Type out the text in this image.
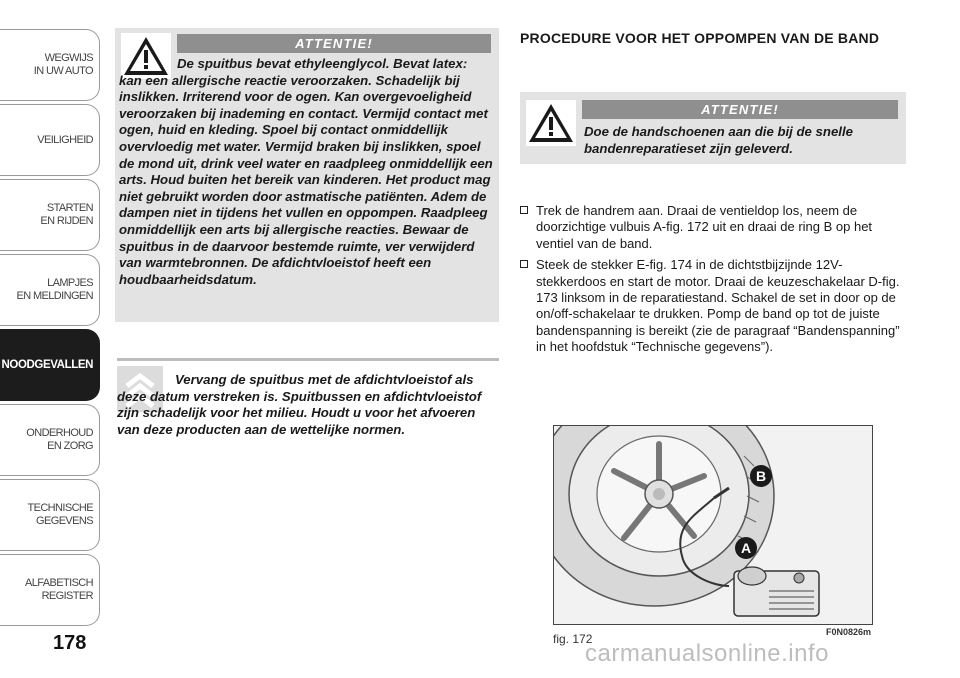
WEGWIJS
IN UW AUTO
VEILIGHEID
STARTEN
EN RIJDEN
LAMPJES
EN MELDINGEN
NOODGEVALLEN
ONDERHOUD
EN ZORG
TECHNISCHE
GEGEVENS
ALFABETISCH
REGISTER
178
ATTENTIE!

De spuitbus bevat ethyleenglycol. Bevat latex: kan een allergische reactie veroorzaken. Schadelijk bij inslikken. Irriterend voor de ogen. Kan overgevoeligheid veroorzaken bij inademing en contact. Vermijd contact met ogen, huid en kleding. Spoel bij contact onmiddellijk overvloedig met water. Vermijd braken bij inslikken, spoel de mond uit, drink veel water en raadpleeg onmiddellijk een arts. Houd buiten het bereik van kinderen. Het product mag niet gebruikt worden door astmatische patiënten. Adem de dampen niet in tijdens het vullen en oppompen. Raadpleeg onmiddellijk een arts bij allergische reacties. Bewaar de spuitbus in de daarvoor bestemde ruimte, ver verwijderd van warmtebronnen. De afdichtvloeistof heeft een houdbaarheidsdatum.

Vervang de spuitbus met de afdichtvloeistof als deze datum verstreken is. Spuitbussen en afdichtvloeistof zijn schadelijk voor het milieu. Houdt u voor het afvoeren van deze producten aan de wettelijke normen.

PROCEDURE VOOR HET OPPOMPEN VAN DE BAND
ATTENTIE!

Doe de handschoenen aan die bij de snelle bandenreparatieset zijn geleverd.

Trek de handrem aan. Draai de ventieldop los, neem de doorzichtige vulbuis A-fig. 172 uit en draai de ring B op het ventiel van de band.
Steek de stekker E-fig. 174 in de dichtstbijzijnde 12V-stekkerdoos en start de motor. Draai de keuzeschakelaar D-fig. 173 linksom in de reparatiestand. Schakel de set in door op de on/off-schakelaar te drukken. Pomp de band op tot de juiste bandenspanning is bereikt (zie de paragraaf “Bandenspanning” in het hoofdstuk “Technische gegevens”).
B
A
F0N0826m
fig. 172
carmanualsonline.info
